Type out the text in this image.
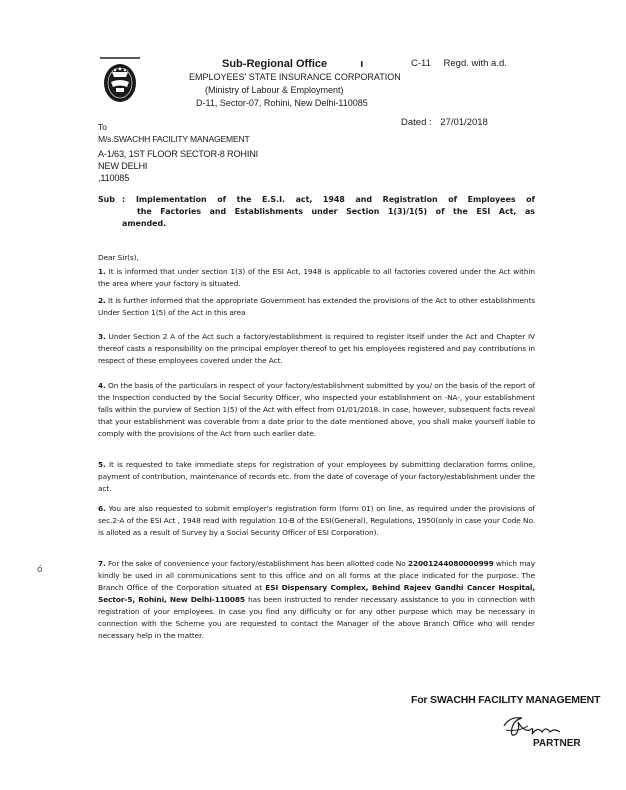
Sub-Regional Office	ı
EMPLOYEES' STATE INSURANCE CORPORATION
(Ministry of Labour & Employment)
D-11, Sector-07, Rohini, New Delhi-110085
C-11 Regd. with a.d.
Dated : 27/01/2018
To
M/s.SWACHH FACILITY MANAGEMENT
A-1/63, 1ST FLOOR SECTOR-8 ROHINI
NEW DELHI
,110085
Sub : Implementation of the E.S.I. act, 1948 and Registration of Employees of
the Factories and Establishments under Section 1(3)/1(5) of the ESI Act, as
amended.
Dear Sir(s),
1. It is informed that under section 1(3) of the ESI Act, 1948 is applicable to all factories covered under the Act within the area where your factory is situated.
2. It is further informed that the appropriate Government has extended the provisions of the Act to other establishments Under Section 1(5) of the Act in this area
3. Under Section 2 A of the Act such a factory/establishment is required to register itself under the Act and Chapter IV thereof casts a responsibility on the principal employer thereof to get his employees registered and pay contributions in respect of these employees covered under the Act.
4. On the basis of the particulars in respect of your factory/establishment submitted by you/ on the basis of the report of the Inspection conducted by the Social Security Officer, who inspected your establishment on -NA-, your establishment falls within the purview of Section 1(5) of the Act with effect from 01/01/2018. In case, however, subsequent facts reveal that your establishment was coverable from a date prior to the date mentioned above, you shall make yourself liable to comply with the provisions of the Act from such earlier date.
5. It is requested to take immediate steps for registration of your employees by submitting declaration forms online, payment of contribution, maintenance of records etc. from the date of coverage of your factory/establishment under the act.
6. You are also requested to submit employer's registration form (form 01) on line, as required under the provisions of sec.2-A of the ESI Act , 1948 read with regulation 10-B of the ESI(General), Regulations, 1950(only in case your Code No. is alloted as a result of Survey by a Social Security Officer of ESI Corporation).
7. For the sake of convenience your factory/establishment has been allotted code No 22001244080000999 which may kindly be used in all communications sent to this office and on all forms at the place indicated for the purpose. The Branch Office of the Corporation situated at ESI Dispensary Complex, Behind Rajeev Gandhi Cancer Hospital, Sector-5, Rohini, New Delhi-110085 has been instructed to render necessary assistance to you in connection with registration of your employees. In case you find any difficulty or for any other purpose which may be necessary in connection with the Scheme you are requested to contact the Manager of the above Branch Office who will render necessary help in the matter.
ó
For SWACHH FACILITY MANAGEMENT
PARTNER
